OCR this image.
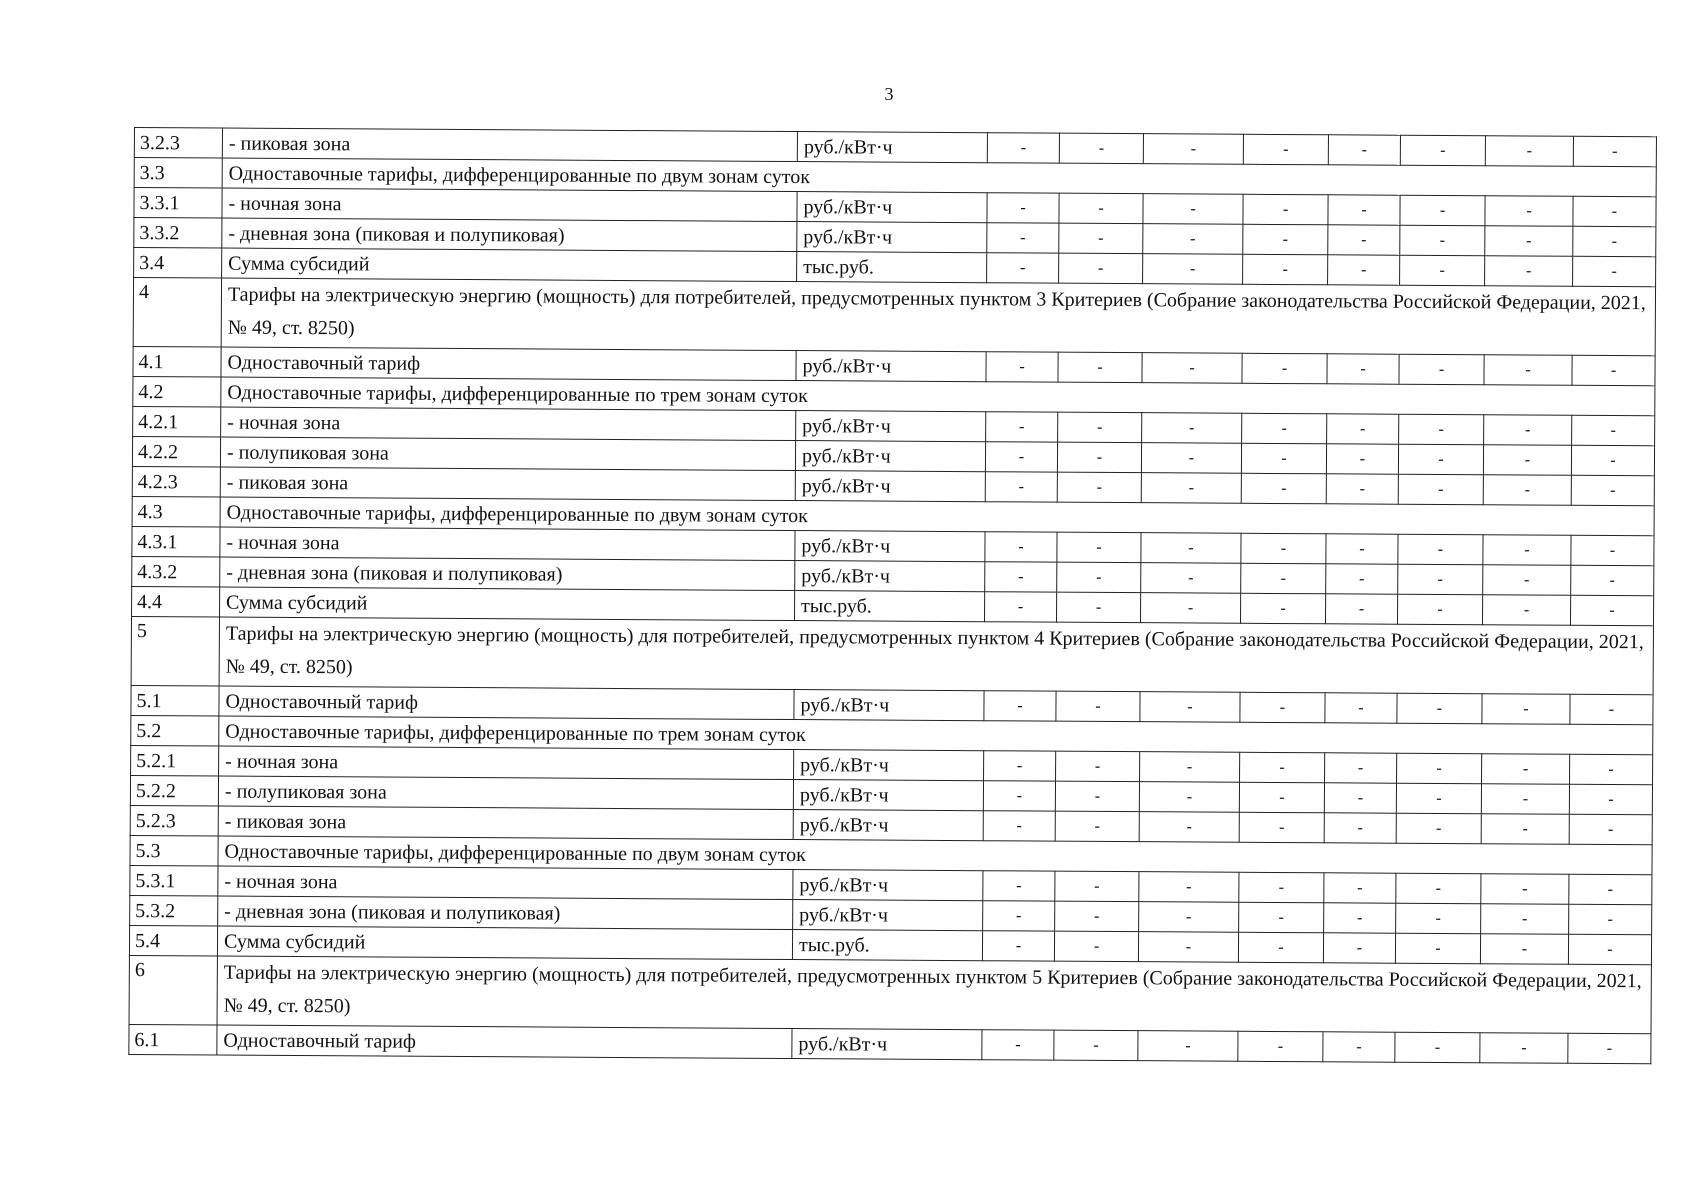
3
3.2.3	- пиковая зона	руб./кВт·ч	-	-	-	-	-	-	-	-
3.3	Одноставочные тарифы, дифференцированные по двум зонам суток									
3.3.1	- ночная зона	руб./кВт·ч	-	-	-	-	-	-	-	-
3.3.2	- дневная зона (пиковая и полупиковая)	руб./кВт·ч	-	-	-	-	-	-	-	-
3.4	Сумма субсидий	тыс.руб.	-	-	-	-	-	-	-	-
4	Тарифы на электрическую энергию (мощность) для потребителей, предусмотренных пунктом 3 Критериев (Собрание законодательства Российской Федерации, 2021, № 49, ст. 8250)									
4.1	Одноставочный тариф	руб./кВт·ч	-	-	-	-	-	-	-	-
4.2	Одноставочные тарифы, дифференцированные по трем зонам суток									
4.2.1	- ночная зона	руб./кВт·ч	-	-	-	-	-	-	-	-
4.2.2	- полупиковая зона	руб./кВт·ч	-	-	-	-	-	-	-	-
4.2.3	- пиковая зона	руб./кВт·ч	-	-	-	-	-	-	-	-
4.3	Одноставочные тарифы, дифференцированные по двум зонам суток									
4.3.1	- ночная зона	руб./кВт·ч	-	-	-	-	-	-	-	-
4.3.2	- дневная зона (пиковая и полупиковая)	руб./кВт·ч	-	-	-	-	-	-	-	-
4.4	Сумма субсидий	тыс.руб.	-	-	-	-	-	-	-	-
5	Тарифы на электрическую энергию (мощность) для потребителей, предусмотренных пунктом 4 Критериев (Собрание законодательства Российской Федерации, 2021, № 49, ст. 8250)									
5.1	Одноставочный тариф	руб./кВт·ч	-	-	-	-	-	-	-	-
5.2	Одноставочные тарифы, дифференцированные по трем зонам суток									
5.2.1	- ночная зона	руб./кВт·ч	-	-	-	-	-	-	-	-
5.2.2	- полупиковая зона	руб./кВт·ч	-	-	-	-	-	-	-	-
5.2.3	- пиковая зона	руб./кВт·ч	-	-	-	-	-	-	-	-
5.3	Одноставочные тарифы, дифференцированные по двум зонам суток									
5.3.1	- ночная зона	руб./кВт·ч	-	-	-	-	-	-	-	-
5.3.2	- дневная зона (пиковая и полупиковая)	руб./кВт·ч	-	-	-	-	-	-	-	-
5.4	Сумма субсидий	тыс.руб.	-	-	-	-	-	-	-	-
6	Тарифы на электрическую энергию (мощность) для потребителей, предусмотренных пунктом 5 Критериев (Собрание законодательства Российской Федерации, 2021, № 49, ст. 8250)									
6.1	Одноставочный тариф	руб./кВт·ч	-	-	-	-	-	-	-	-
